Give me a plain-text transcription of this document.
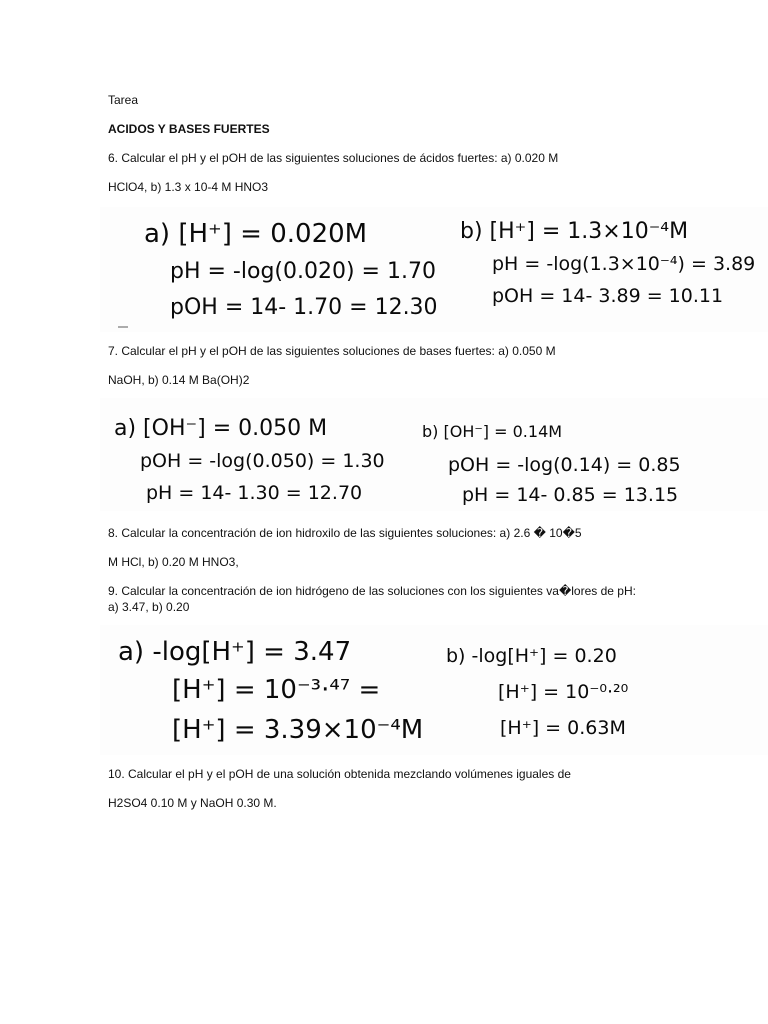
Tarea
ACIDOS Y BASES FUERTES
6. Calcular el pH y el pOH de las siguientes soluciones de ácidos fuertes: a) 0.020 M
HClO4, b) 1.3 x 10-4 M HNO3
a) [H⁺] = 0.020M
pH = -log(0.020) = 1.70
pOH = 14- 1.70 = 12.30
b) [H⁺] = 1.3×10⁻⁴M
pH = -log(1.3×10⁻⁴) = 3.89
pOH = 14- 3.89 = 10.11
7. Calcular el pH y el pOH de las siguientes soluciones de bases fuertes: a) 0.050 M
NaOH, b) 0.14 M Ba(OH)2
a) [OH⁻] = 0.050 M
pOH = -log(0.050) = 1.30
pH = 14- 1.30 = 12.70
b) [OH⁻] = 0.14M
pOH = -log(0.14) = 0.85
pH = 14- 0.85 = 13.15
8. Calcular la concentración de ion hidroxilo de las siguientes soluciones: a) 2.6 � 10�5
M HCl, b) 0.20 M HNO3,
9. Calcular la concentración de ion hidrógeno de las soluciones con los siguientes va�lores de pH:
a) 3.47, b) 0.20
a) -log[H⁺] = 3.47
[H⁺] = 10⁻³·⁴⁷ =
[H⁺] = 3.39×10⁻⁴M
b) -log[H⁺] = 0.20
[H⁺] = 10⁻⁰·²⁰
[H⁺] = 0.63M
10. Calcular el pH y el pOH de una solución obtenida mezclando volúmenes iguales de
H2SO4 0.10 M y NaOH 0.30 M.
